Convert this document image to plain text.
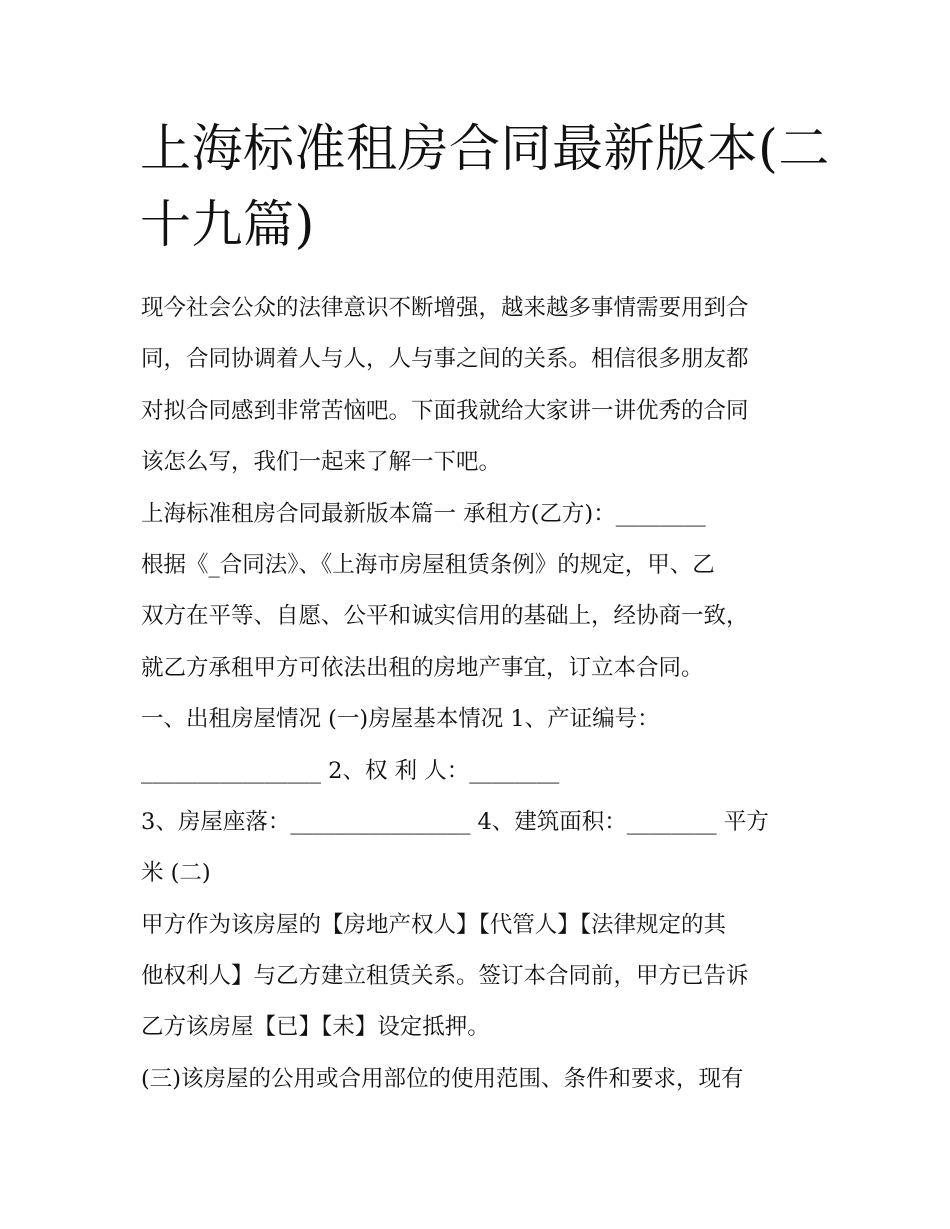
上海标准租房合同最新版本(二
十九篇)
现今社会公众的法律意识不断增强，越来越多事情需要用到合
同，合同协调着人与人，人与事之间的关系。相信很多朋友都
对拟合同感到非常苦恼吧。下面我就给大家讲一讲优秀的合同
该怎么写，我们一起来了解一下吧。
上海标准租房合同最新版本篇一 承租方(乙方)：________
根据《_合同法》、《上海市房屋租赁条例》的规定，甲、乙
双方在平等、自愿、公平和诚实信用的基础上，经协商一致，
就乙方承租甲方可依法出租的房地产事宜，订立本合同。
一、出租房屋情况 (一)房屋基本情况 1、产证编号：
________________ 2、权 利 人：________
3、房屋座落：________________ 4、建筑面积：________ 平方
米 (二)
甲方作为该房屋的【房地产权人】【代管人】【法律规定的其
他权利人】与乙方建立租赁关系。签订本合同前，甲方已告诉
乙方该房屋【已】【未】设定抵押。
(三)该房屋的公用或合用部位的使用范围、条件和要求，现有
